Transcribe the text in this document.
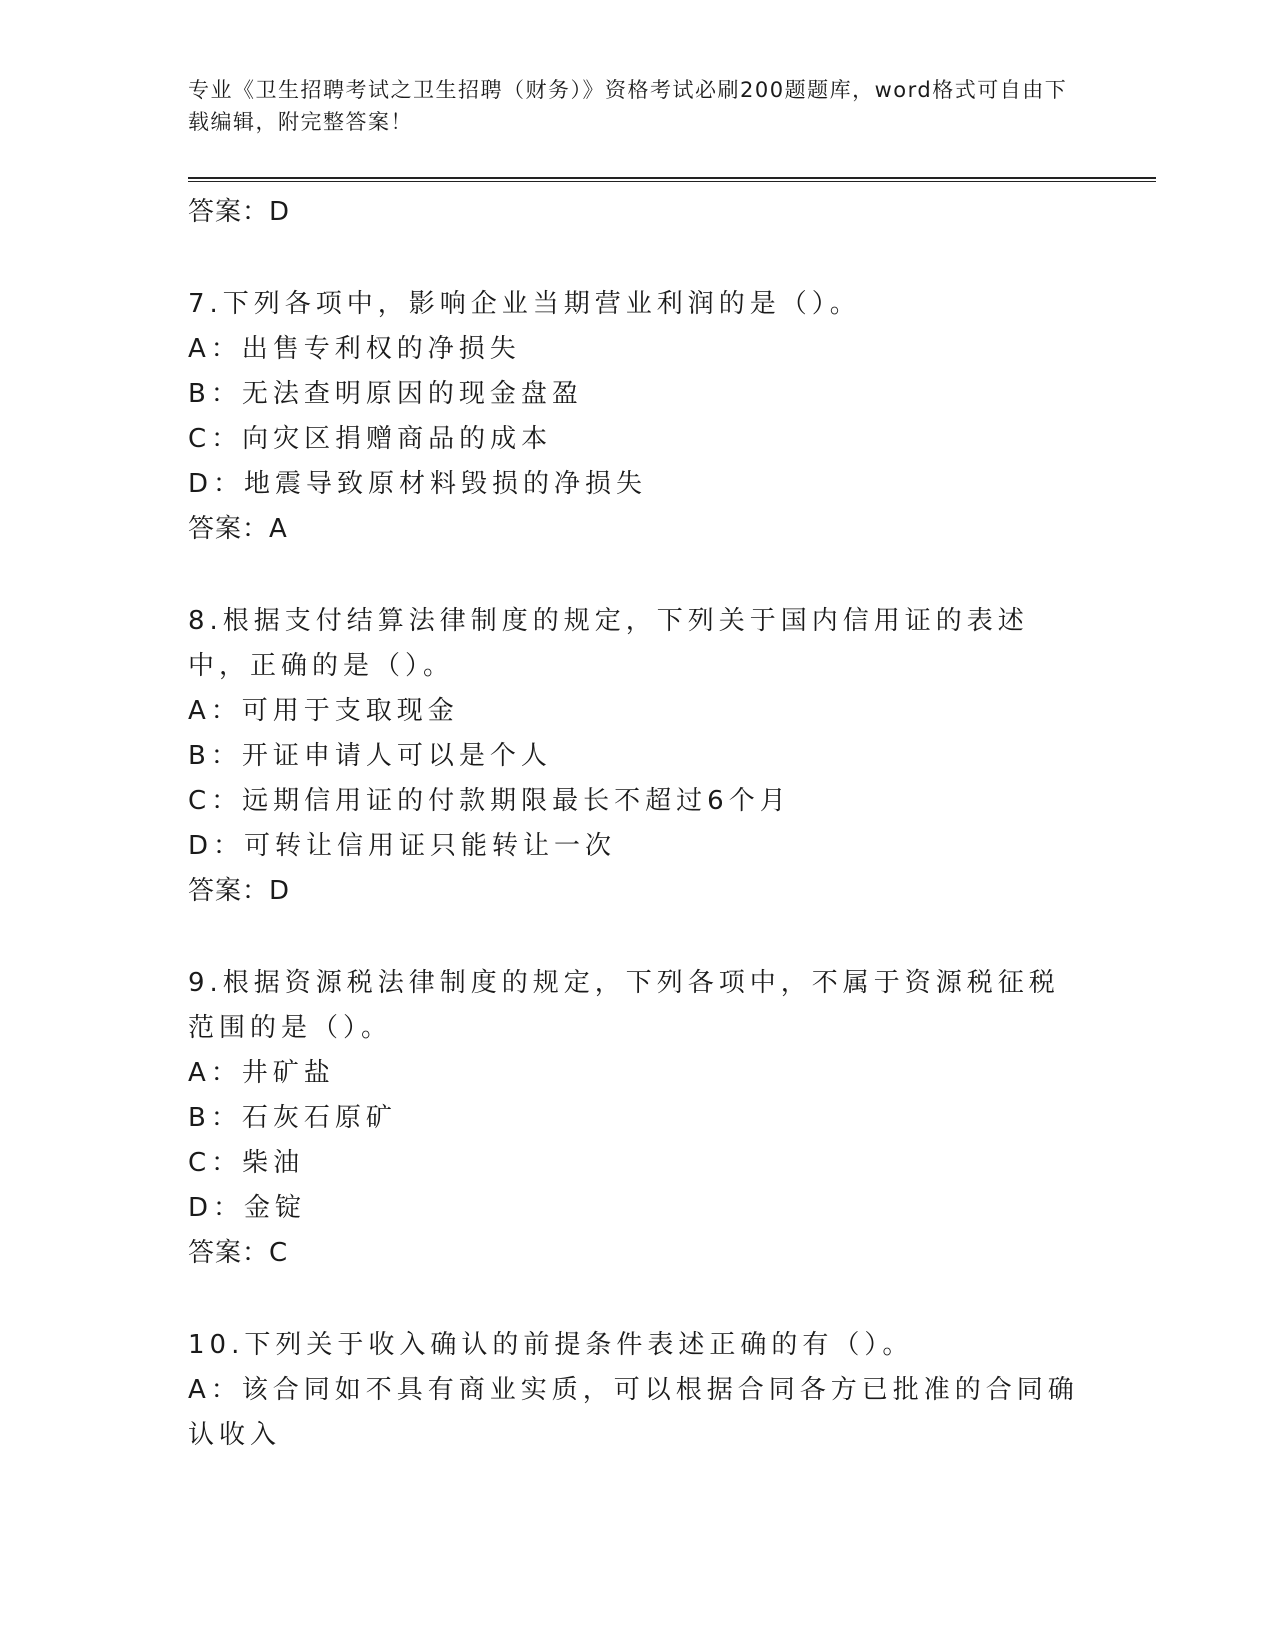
专业《卫生招聘考试之卫生招聘（财务）》资格考试必刷200题题库，word格式可自由下载编辑，附完整答案！
答案：D
7.下列各项中，影响企业当期营业利润的是（）。
A：出售专利权的净损失
B：无法查明原因的现金盘盈
C：向灾区捐赠商品的成本
D：地震导致原材料毁损的净损失
答案：A
8.根据支付结算法律制度的规定，下列关于国内信用证的表述中，正确的是（）。
A：可用于支取现金
B：开证申请人可以是个人
C：远期信用证的付款期限最长不超过6个月
D：可转让信用证只能转让一次
答案：D
9.根据资源税法律制度的规定，下列各项中，不属于资源税征税范围的是（）。
A：井矿盐
B：石灰石原矿
C：柴油
D：金锭
答案：C
10.下列关于收入确认的前提条件表述正确的有（）。
A：该合同如不具有商业实质，可以根据合同各方已批准的合同确认收入
